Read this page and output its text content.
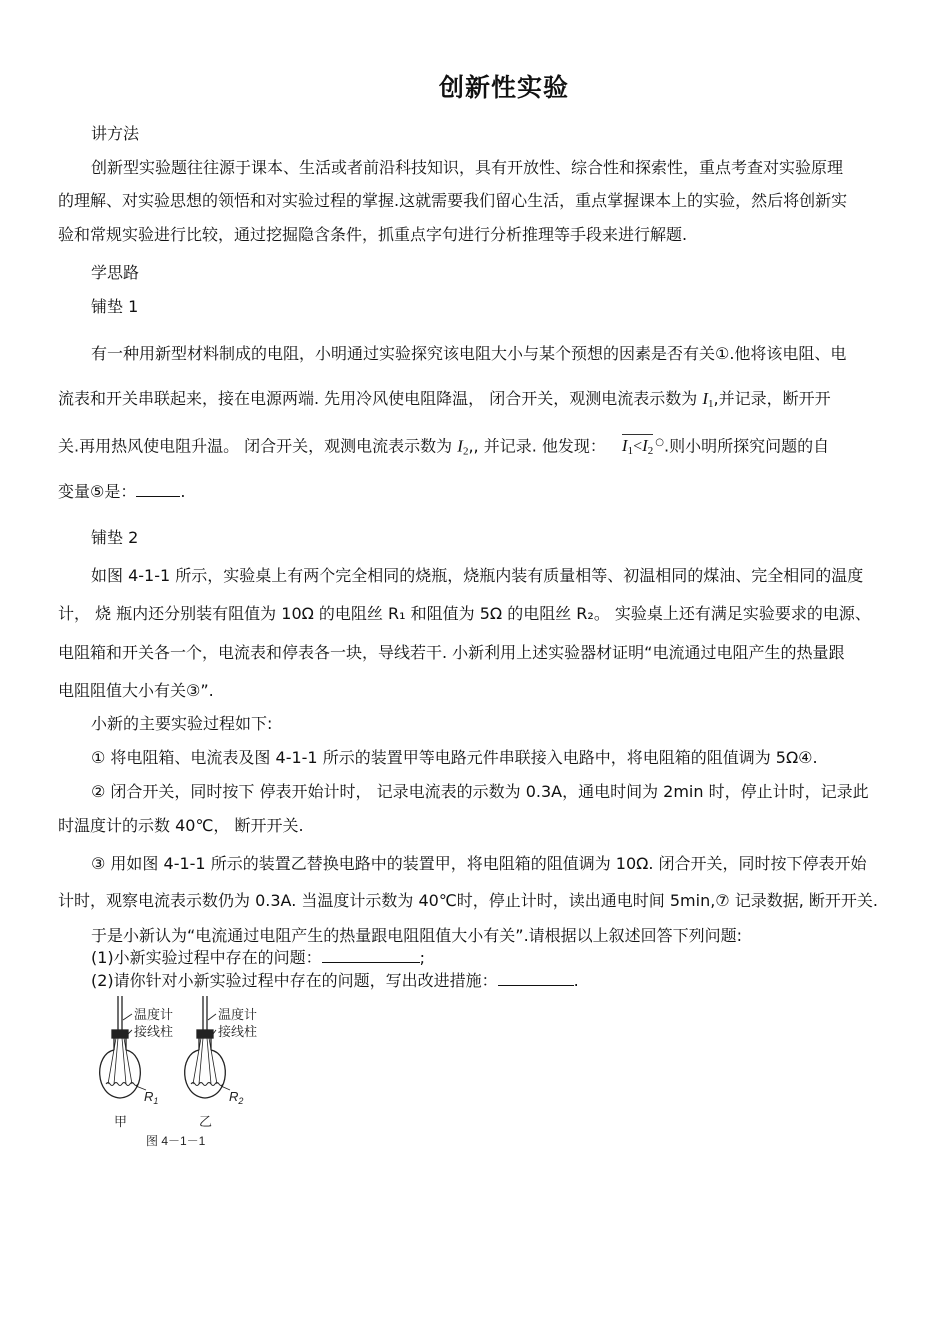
创新性实验
讲方法
创新型实验题往往源于课本、生活或者前沿科技知识，具有开放性、综合性和探索性，重点考查对实验原理
的理解、对实验思想的领悟和对实验过程的掌握.这就需要我们留心生活，重点掌握课本上的实验，然后将创新实
验和常规实验进行比较，通过挖掘隐含条件，抓重点字句进行分析推理等手段来进行解题.
学思路
铺垫 1
有一种用新型材料制成的电阻，小明通过实验探究该电阻大小与某个预想的因素是否有关①.他将该电阻、电
流表和开关串联起来，接在电源两端. 先用冷风使电阻降温， 闭合开关，观测电流表示数为 $I_1$,并记录，断开开
关.再用热风使电阻升温。 闭合开关，观测电流表示数为 $I_2$,, 并记录. 他发现： $I_1<I_2^○$.则小明所探究问题的自
变量⑤是：	.
铺垫 2
如图 4-1-1 所示，实验桌上有两个完全相同的烧瓶，烧瓶内装有质量相等、初温相同的煤油、完全相同的温度
计， 烧 瓶内还分别装有阻值为 10Ω 的电阻丝 R₁ 和阻值为 5Ω 的电阻丝 R₂。 实验桌上还有满足实验要求的电源、
电阻箱和开关各一个，电流表和停表各一块，导线若干. 小新利用上述实验器材证明“电流通过电阻产生的热量跟
电阻阻值大小有关③”.
小新的主要实验过程如下:
① 将电阻箱、电流表及图 4-1-1 所示的装置甲等电路元件串联接入电路中，将电阻箱的阻值调为 5Ω④.
② 闭合开关，同时按下 停表开始计时， 记录电流表的示数为 0.3A，通电时间为 2min 时，停止计时，记录此
时温度计的示数 40℃， 断开开关.
③ 用如图 4-1-1 所示的装置乙替换电路中的装置甲，将电阻箱的阻值调为 10Ω. 闭合开关，同时按下停表开始
计时，观察电流表示数仍为 0.3A. 当温度计示数为 40℃时，停止计时，读出通电时间 5min,⑦ 记录数据, 断开开关.
于是小新认为“电流通过电阻产生的热量跟电阻阻值大小有关”.请根据以上叙述回答下列问题:
(1)小新实验过程中存在的问题：	;
(2)请你针对小新实验过程中存在的问题，写出改进措施：	.
温度计
接线柱
温度计
接线柱
$R_1$	$R_2$
甲	乙
图 4－1－1
